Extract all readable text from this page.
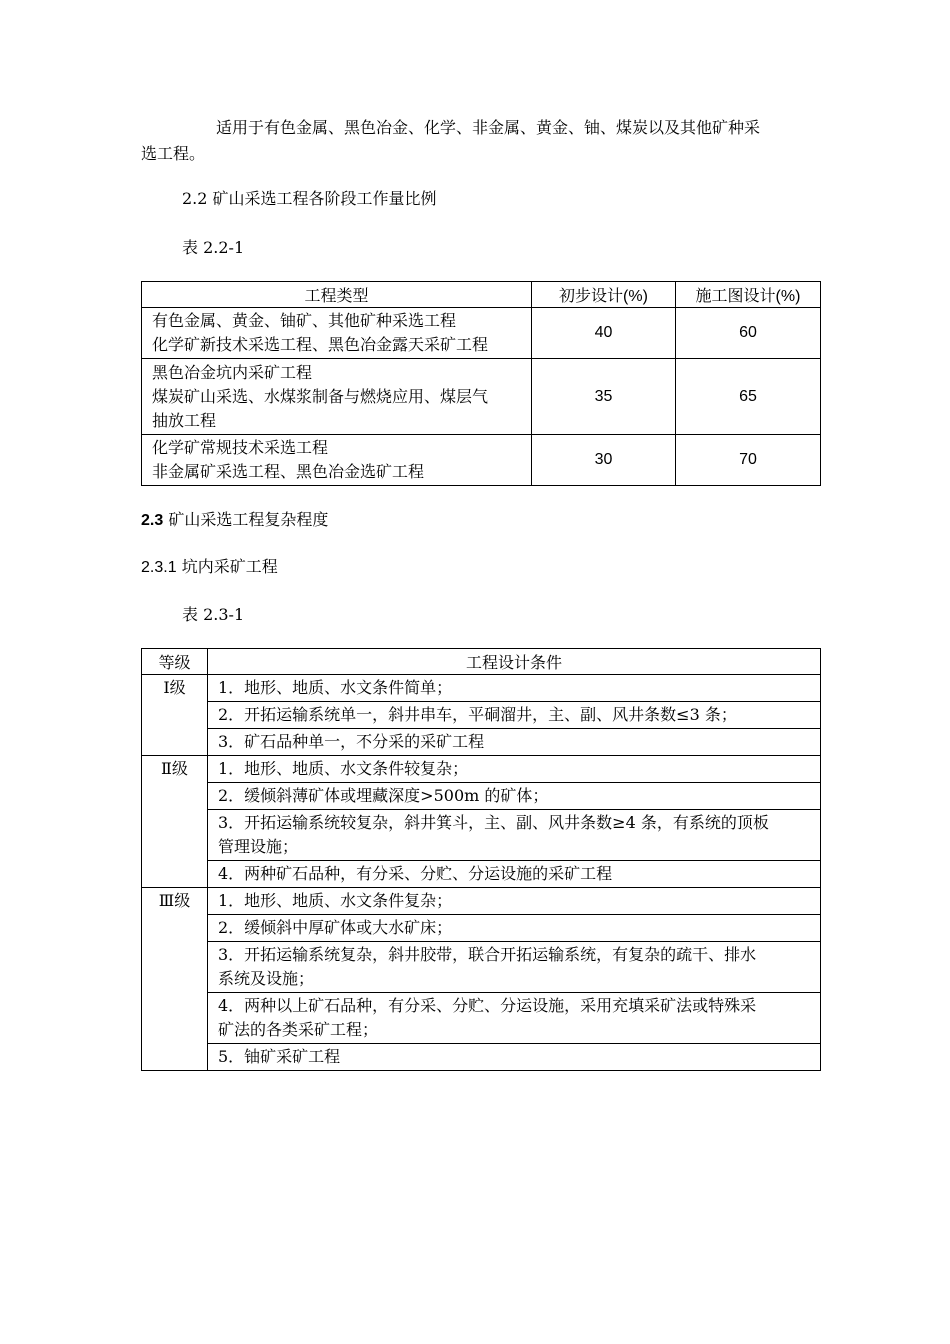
适用于有色金属、黑色冶金、化学、非金属、黄金、铀、煤炭以及其他矿种采
选工程。
2.2 矿山采选工程各阶段工作量比例
表 2.2-1
工程类型	初步设计(%)	施工图设计(%)

有色金属、黄金、铀矿、其他矿种采选工程
化学矿新技术采选工程、黑色冶金露天采矿工程	40	60

黑色冶金坑内采矿工程
煤炭矿山采选、水煤浆制备与燃烧应用、煤层气
抽放工程	35	65

化学矿常规技术采选工程
非金属矿采选工程、黑色冶金选矿工程	30	70
2.3 矿山采选工程复杂程度
2.3.1 坑内采矿工程
表 2.3-1
等级	工程设计条件
Ⅰ级	1．地形、地质、水文条件简单；

	2．开拓运输系统单一，斜井串车，平硐溜井，主、副、风井条数≤3 条；

	3．矿石品种单一，不分采的采矿工程

Ⅱ级	1．地形、地质、水文条件较复杂；

	2．缓倾斜薄矿体或埋藏深度>500m 的矿体；

	3．开拓运输系统较复杂，斜井箕斗，主、副、风井条数≥4 条，有系统的顶板
管理设施；

	4．两种矿石品种，有分采、分贮、分运设施的采矿工程

Ⅲ级	1．地形、地质、水文条件复杂；

	2．缓倾斜中厚矿体或大水矿床；

	3．开拓运输系统复杂，斜井胶带，联合开拓运输系统，有复杂的疏干、排水
系统及设施；

	4．两种以上矿石品种，有分采、分贮、分运设施，采用充填采矿法或特殊采
矿法的各类采矿工程；

	5．铀矿采矿工程
